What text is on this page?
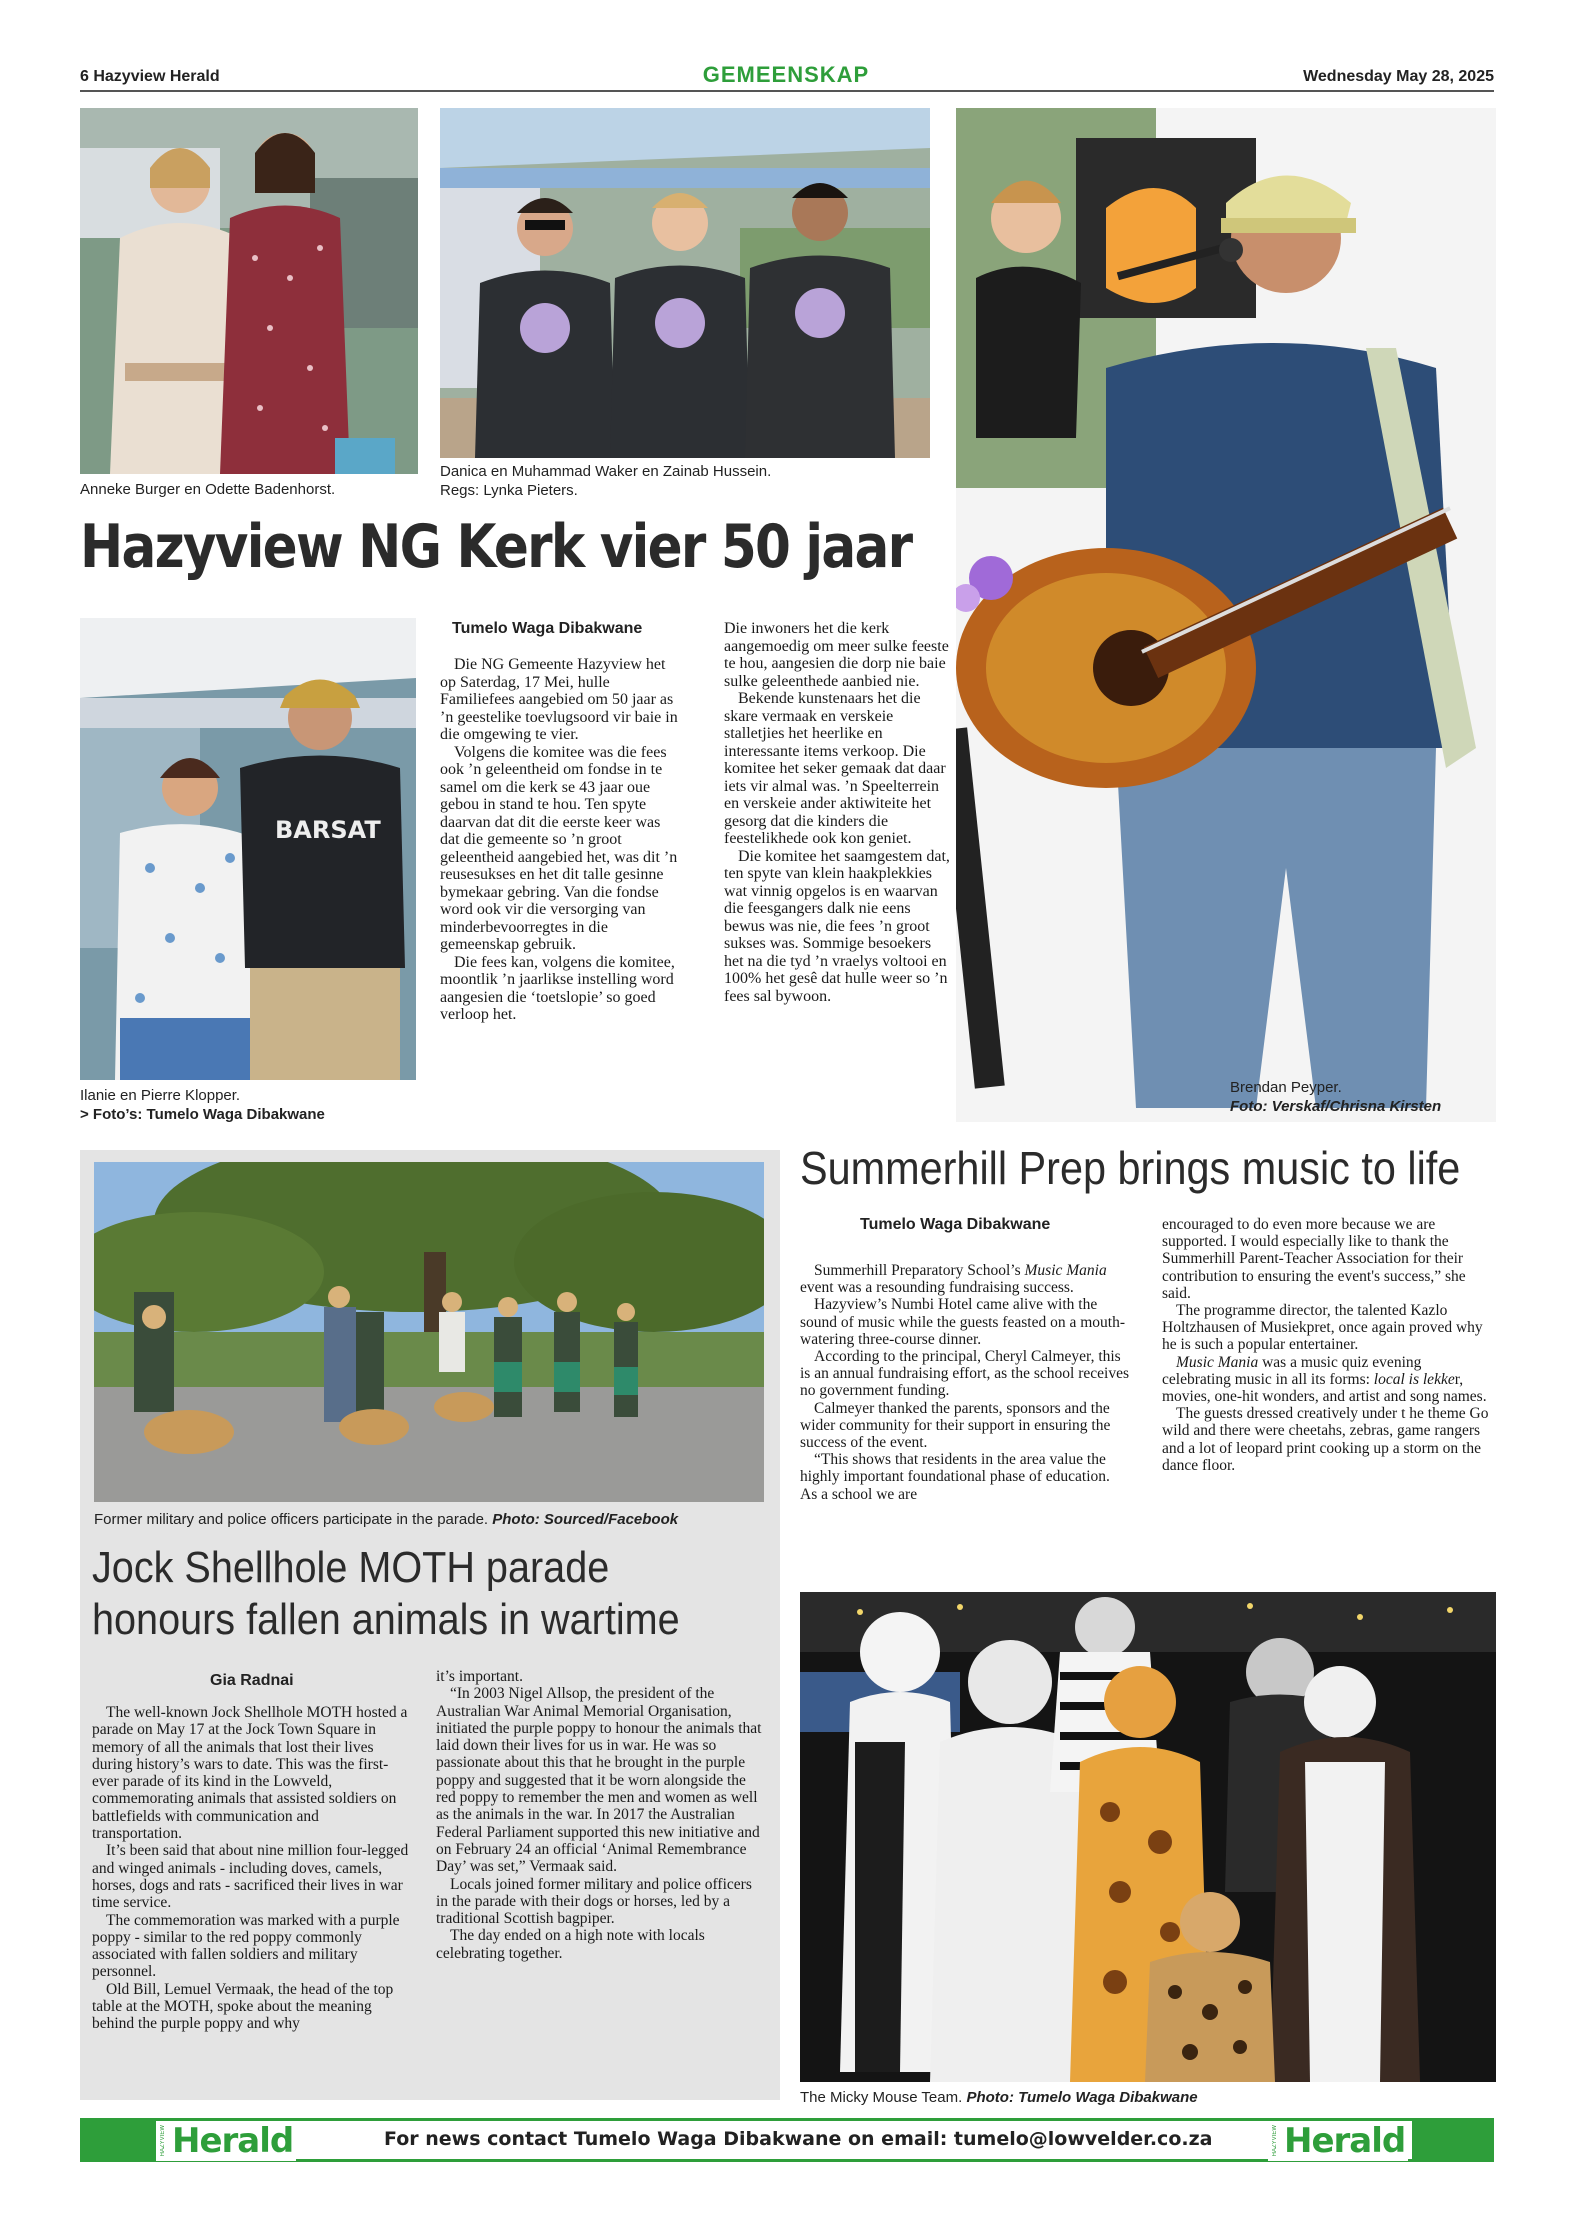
6 Hazyview Herald	GEMEENSKAP	Wednesday May 28, 2025
Anneke Burger en Odette Badenhorst.
Danica en Muhammad Waker en Zainab Hussein.
Regs: Lynka Pieters.
Brendan Peyper.
Foto: Verskaf/Chrisna Kirsten
Hazyview NG Kerk vier 50 jaar
BARSAT
Ilanie en Pierre Klopper.
> Foto’s: Tumelo Waga Dibakwane
Tumelo Waga Dibakwane

Die NG Gemeente Hazyview het op Saterdag, 17 Mei, hulle Familiefees aangebied om 50 jaar as ’n geestelike toevlugsoord vir baie in die omgewing te vier.

Volgens die komitee was die fees ook ’n geleentheid om fondse in te samel om die kerk se 43 jaar oue gebou in stand te hou. Ten spyte daarvan dat dit die eerste keer was dat die gemeente so ’n groot geleentheid aangebied het, was dit ’n reusesukses en het dit talle gesinne bymekaar gebring. Van die fondse word ook vir die versorging van minderbevoorregtes in die gemeenskap gebruik.

Die fees kan, volgens die komitee, moontlik ’n jaarlikse instelling word aangesien die ‘toetslopie’ so goed verloop het.

Die inwoners het die kerk aangemoedig om meer sulke feeste te hou, aangesien die dorp nie baie sulke geleenthede aanbied nie.

Bekende kunstenaars het die skare vermaak en verskeie stalletjies het heerlike en interessante items verkoop. Die komitee het seker gemaak dat daar iets vir almal was. ’n Speelterrein en verskeie ander aktiwiteite het gesorg dat die kinders die feestelikhede ook kon geniet.

Die komitee het saamgestem dat, ten spyte van klein haakplekkies wat vinnig opgelos is en waarvan die feesgangers dalk nie eens bewus was nie, die fees ’n groot sukses was. Sommige besoekers het na die tyd ’n vraelys voltooi en 100% het gesê dat hulle weer so ’n fees sal bywoon.

Former military and police officers participate in the parade. Photo: Sourced/Facebook
Jock Shellhole MOTH parade
honours fallen animals in wartime
Gia Radnai

The well-known Jock Shellhole MOTH hosted a parade on May 17 at the Jock Town Square in memory of all the animals that lost their lives during history’s wars to date. This was the first-ever parade of its kind in the Lowveld, commemorating animals that assisted soldiers on battlefields with communication and transportation.

It’s been said that about nine million four-legged and winged animals - including doves, camels, horses, dogs and rats - sacrificed their lives in war time service.

The commemoration was marked with a purple poppy - similar to the red poppy commonly associated with fallen soldiers and military personnel.

Old Bill, Lemuel Vermaak, the head of the top table at the MOTH, spoke about the meaning behind the purple poppy and why

it’s important.

“In 2003 Nigel Allsop, the president of the Australian War Animal Memorial Organisation, initiated the purple poppy to honour the animals that laid down their lives for us in war. He was so passionate about this that he brought in the purple poppy and suggested that it be worn alongside the red poppy to remember the men and women as well as the animals in the war. In 2017 the Australian Federal Parliament supported this new initiative and on February 24 an official ‘Animal Remembrance Day’ was set,” Vermaak said.

Locals joined former military and police officers in the parade with their dogs or horses, led by a traditional Scottish bagpiper.

The day ended on a high note with locals celebrating together.

Summerhill Prep brings music to life
Tumelo Waga Dibakwane

Summerhill Preparatory School’s Music Mania event was a resounding fundraising success.

Hazyview’s Numbi Hotel came alive with the sound of music while the guests feasted on a mouth-watering three-course dinner.

According to the principal, Cheryl Calmeyer, this is an annual fundraising effort, as the school receives no government funding.

Calmeyer thanked the parents, sponsors and the wider community for their support in ensuring the success of the event.

“This shows that residents in the area value the highly important foundational phase of education. As a school we are

encouraged to do even more because we are supported. I would especially like to thank the Summerhill Parent-Teacher Association for their contribution to ensuring the event's success,” she said.

The programme director, the talented Kazlo Holtzhausen of Musiekpret, once again proved why he is such a popular entertainer.

Music Mania was a music quiz evening celebrating music in all its forms: local is lekker, movies, one-hit wonders, and artist and song names.

The guests dressed creatively under t he theme Go wild and there were cheetahs, zebras, game rangers and a lot of leopard print cooking up a storm on the dance floor.

The Micky Mouse Team. Photo: Tumelo Waga Dibakwane
HAZYVIEW Herald	For news contact Tumelo Waga Dibakwane on email: tumelo@lowvelder.co.za	HAZYVIEW Herald
